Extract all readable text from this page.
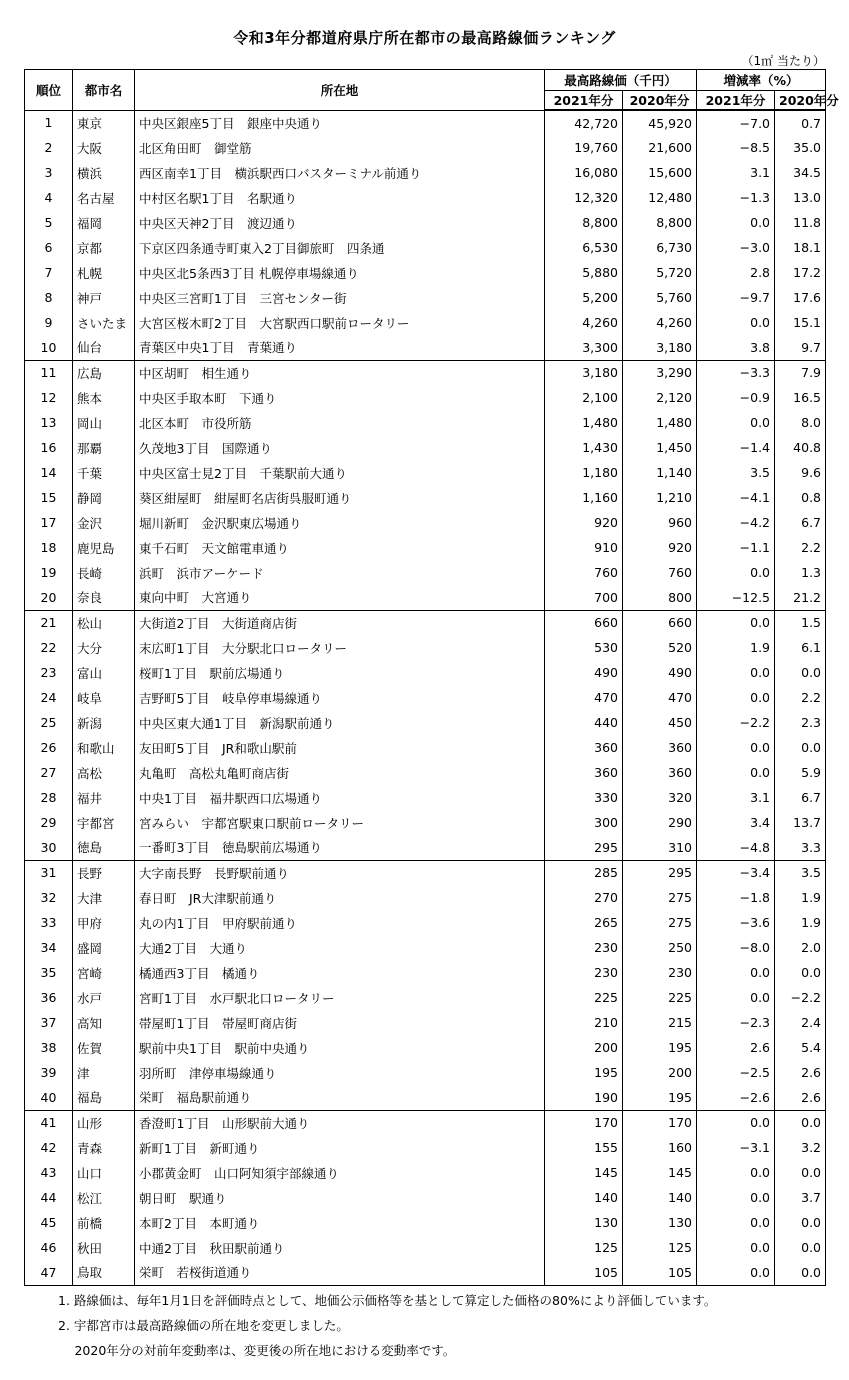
令和3年分都道府県庁所在都市の最高路線価ランキング
（1㎡ 当たり）
順位	都市名	所在地	最高路線価（千円）		増減率（%）	
			2021年分	2020年分	2021年分	2020年分
1	東京	中央区銀座5丁目　銀座中央通り	42,720	45,920	−7.0	0.7
2	大阪	北区角田町　御堂筋	19,760	21,600	−8.5	35.0
3	横浜	西区南幸1丁目　横浜駅西口バスターミナル前通り	16,080	15,600	3.1	34.5
4	名古屋	中村区名駅1丁目　名駅通り	12,320	12,480	−1.3	13.0
5	福岡	中央区天神2丁目　渡辺通り	8,800	8,800	0.0	11.8
6	京都	下京区四条通寺町東入2丁目御旅町　四条通	6,530	6,730	−3.0	18.1
7	札幌	中央区北5条西3丁目 札幌停車場線通り	5,880	5,720	2.8	17.2
8	神戸	中央区三宮町1丁目　三宮センター街	5,200	5,760	−9.7	17.6
9	さいたま	大宮区桜木町2丁目　大宮駅西口駅前ロータリー	4,260	4,260	0.0	15.1
10	仙台	青葉区中央1丁目　青葉通り	3,300	3,180	3.8	9.7
11	広島	中区胡町　相生通り	3,180	3,290	−3.3	7.9
12	熊本	中央区手取本町　下通り	2,100	2,120	−0.9	16.5
13	岡山	北区本町　市役所筋	1,480	1,480	0.0	8.0
16	那覇	久茂地3丁目　国際通り	1,430	1,450	−1.4	40.8
14	千葉	中央区富士見2丁目　千葉駅前大通り	1,180	1,140	3.5	9.6
15	静岡	葵区紺屋町　紺屋町名店街呉服町通り	1,160	1,210	−4.1	0.8
17	金沢	堀川新町　金沢駅東広場通り	920	960	−4.2	6.7
18	鹿児島	東千石町　天文館電車通り	910	920	−1.1	2.2
19	長崎	浜町　浜市アーケード	760	760	0.0	1.3
20	奈良	東向中町　大宮通り	700	800	−12.5	21.2
21	松山	大街道2丁目　大街道商店街	660	660	0.0	1.5
22	大分	末広町1丁目　大分駅北口ロータリー	530	520	1.9	6.1
23	富山	桜町1丁目　駅前広場通り	490	490	0.0	0.0
24	岐阜	吉野町5丁目　岐阜停車場線通り	470	470	0.0	2.2
25	新潟	中央区東大通1丁目　新潟駅前通り	440	450	−2.2	2.3
26	和歌山	友田町5丁目　JR和歌山駅前	360	360	0.0	0.0
27	高松	丸亀町　高松丸亀町商店街	360	360	0.0	5.9
28	福井	中央1丁目　福井駅西口広場通り	330	320	3.1	6.7
29	宇都宮	宮みらい　宇都宮駅東口駅前ロータリー	300	290	3.4	13.7
30	徳島	一番町3丁目　徳島駅前広場通り	295	310	−4.8	3.3
31	長野	大字南長野　長野駅前通り	285	295	−3.4	3.5
32	大津	春日町　JR大津駅前通り	270	275	−1.8	1.9
33	甲府	丸の内1丁目　甲府駅前通り	265	275	−3.6	1.9
34	盛岡	大通2丁目　大通り	230	250	−8.0	2.0
35	宮崎	橘通西3丁目　橘通り	230	230	0.0	0.0
36	水戸	宮町1丁目　水戸駅北口ロータリー	225	225	0.0	−2.2
37	高知	帯屋町1丁目　帯屋町商店街	210	215	−2.3	2.4
38	佐賀	駅前中央1丁目　駅前中央通り	200	195	2.6	5.4
39	津	羽所町　津停車場線通り	195	200	−2.5	2.6
40	福島	栄町　福島駅前通り	190	195	−2.6	2.6
41	山形	香澄町1丁目　山形駅前大通り	170	170	0.0	0.0
42	青森	新町1丁目　新町通り	155	160	−3.1	3.2
43	山口	小郡黄金町　山口阿知須宇部線通り	145	145	0.0	0.0
44	松江	朝日町　駅通り	140	140	0.0	3.7
45	前橋	本町2丁目　本町通り	130	130	0.0	0.0
46	秋田	中通2丁目　秋田駅前通り	125	125	0.0	0.0
47	鳥取	栄町　若桜街道通り	105	105	0.0	0.0
1. 路線価は、毎年1月1日を評価時点として、地価公示価格等を基として算定した価格の80%により評価しています。
2. 宇都宮市は最高路線価の所在地を変更しました。
　 2020年分の対前年変動率は、変更後の所在地における変動率です。
